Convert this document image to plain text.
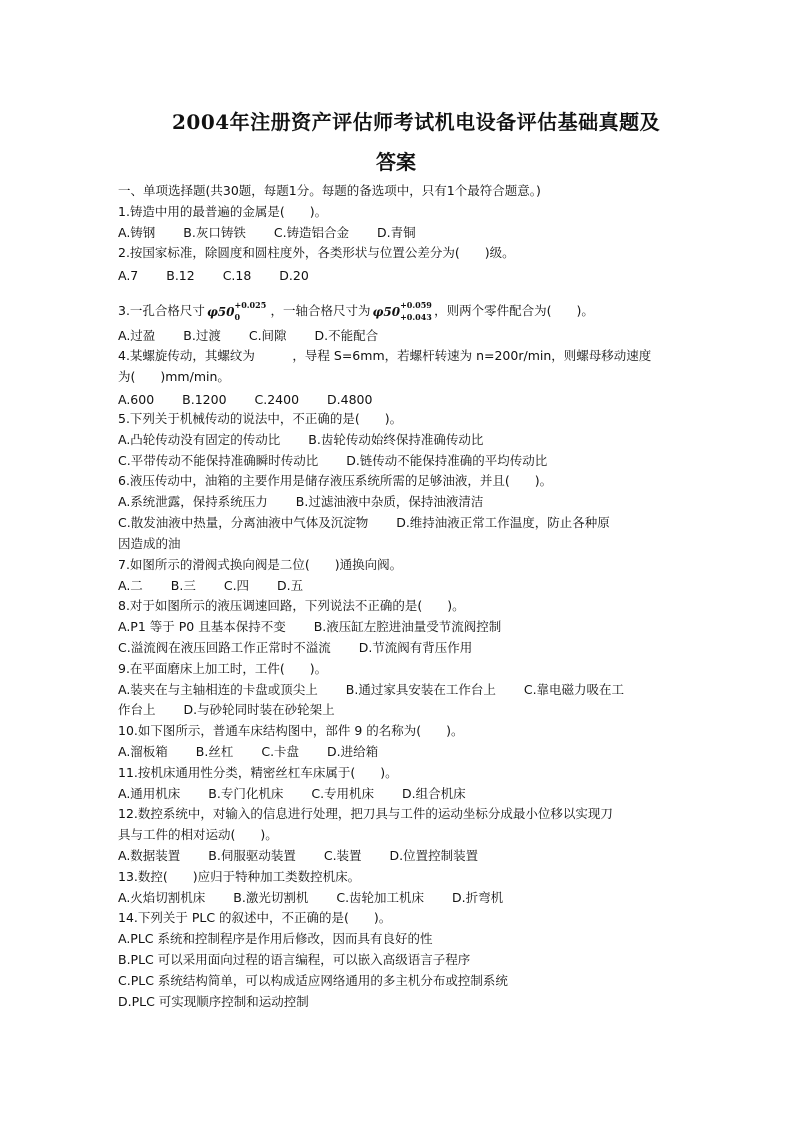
2004年注册资产评估师考试机电设备评估基础真题及
答案
一、单项选择题(共30题，每题1分。每题的备选项中，只有1个最符合题意。)
1.铸造中用的最普遍的金属是(　　)。
A.铸钢 B.灰口铸铁 C.铸造铝合金 D.青铜
2.按国家标准，除圆度和圆柱度外，各类形状与位置公差分为(　　)级。
A.7 B.12 C.18 D.20
3.一孔合格尺寸 φ50 +0.025
0 ，一轴合格尺寸为 φ50 +0.059
+0.043 ，则两个零件配合为(　　)。
A.过盈 B.过渡 C.间隙 D.不能配合
4.某螺旋传动，其螺纹为　　　，导程 S=6mm，若螺杆转速为 n=200r/min，则螺母移动速度
为(　　)mm/min。
A.600 B.1200 C.2400 D.4800
5.下列关于机械传动的说法中，不正确的是(　　)。
A.凸轮传动没有固定的传动比 B.齿轮传动始终保持准确传动比
C.平带传动不能保持准确瞬时传动比 D.链传动不能保持准确的平均传动比
6.液压传动中，油箱的主要作用是储存液压系统所需的足够油液，并且(　　)。
A.系统泄露，保持系统压力 B.过滤油液中杂质，保持油液清洁
C.散发油液中热量，分离油液中气体及沉淀物 D.维持油液正常工作温度，防止各种原
因造成的油
7.如图所示的滑阀式换向阀是二位(　　)通换向阀。
A.二 B.三 C.四 D.五
8.对于如图所示的液压调速回路，下列说法不正确的是(　　)。
A.P1 等于 P0 且基本保持不变 B.液压缸左腔进油量受节流阀控制
C.溢流阀在液压回路工作正常时不溢流 D.节流阀有背压作用
9.在平面磨床上加工时，工件(　　)。
A.装夹在与主轴相连的卡盘或顶尖上 B.通过家具安装在工作台上 C.靠电磁力吸在工
作台上 D.与砂轮同时装在砂轮架上
10.如下图所示，普通车床结构图中，部件 9 的名称为(　　)。
A.溜板箱 B.丝杠 C.卡盘 D.进给箱
11.按机床通用性分类，精密丝杠车床属于(　　)。
A.通用机床 B.专门化机床 C.专用机床 D.组合机床
12.数控系统中，对输入的信息进行处理，把刀具与工件的运动坐标分成最小位移以实现刀
具与工件的相对运动(　　)。
A.数据装置 B.伺服驱动装置 C.装置 D.位置控制装置
13.数控(　　)应归于特种加工类数控机床。
A.火焰切割机床 B.激光切割机 C.齿轮加工机床 D.折弯机
14.下列关于 PLC 的叙述中，不正确的是(　　)。
A.PLC 系统和控制程序是作用后修改，因而具有良好的性
B.PLC 可以采用面向过程的语言编程，可以嵌入高级语言子程序
C.PLC 系统结构简单，可以构成适应网络通用的多主机分布或控制系统
D.PLC 可实现顺序控制和运动控制
